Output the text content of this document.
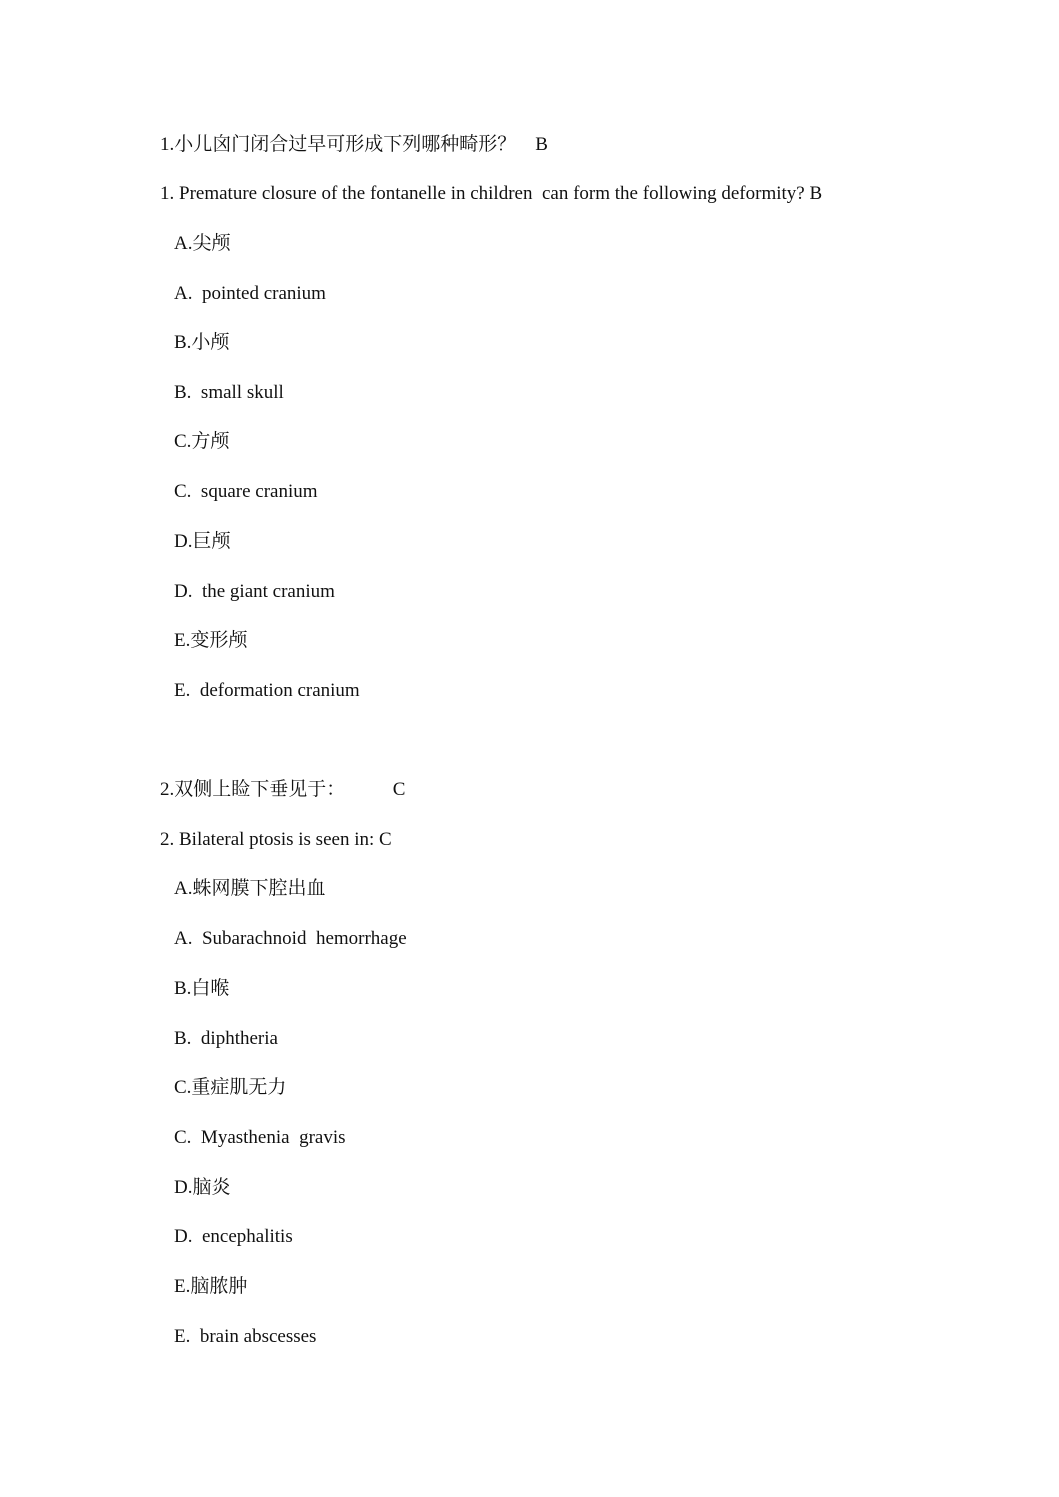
1.小儿囟门闭合过早可形成下列哪种畸形？    B
1. Premature closure of the fontanelle in children  can form the following deformity? B
A.尖颅
A.  pointed cranium
B.小颅
B.  small skull
C.方颅
C.  square cranium
D.巨颅
D.  the giant cranium
E.变形颅
E.  deformation cranium
2.双侧上睑下垂见于：          C
2. Bilateral ptosis is seen in: C
A.蛛网膜下腔出血
A.  Subarachnoid  hemorrhage
B.白喉
B.  diphtheria
C.重症肌无力
C.  Myasthenia  gravis
D.脑炎
D.  encephalitis
E.脑脓肿
E.  brain abscesses
